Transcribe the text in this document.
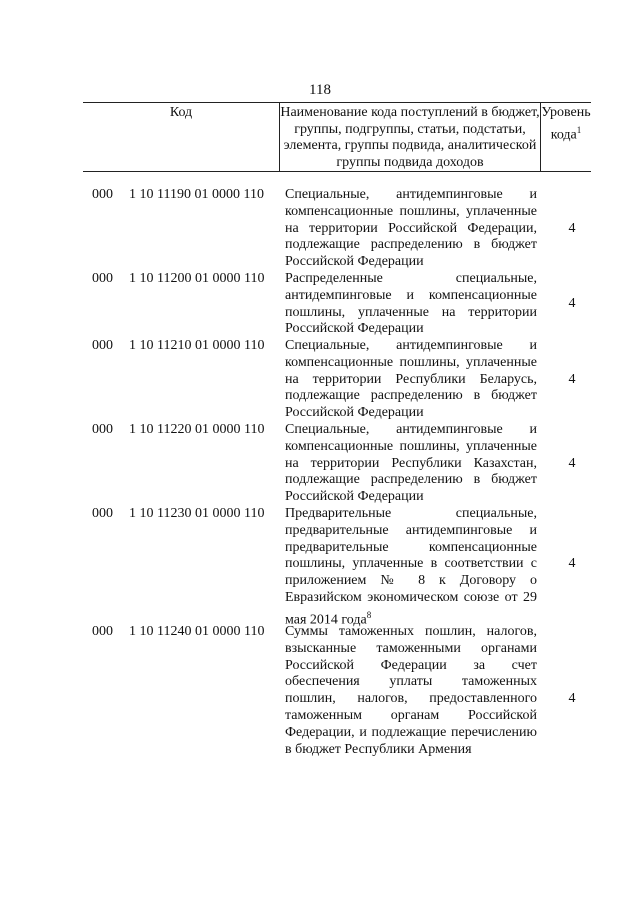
118
Код	Наименование кода поступлений в бюджет, группы, подгруппы, статьи, подстатьи, элемента, группы подвида, аналитической группы подвида доходов
Уровень кода$^1$
000 1 10 11190 01 0000 110 Специальные, антидемпинговые и компенсационные пошлины, уплаченные на территории Российской Федерации, подлежащие распределению в бюджет Российской Федерации
4
000 1 10 11200 01 0000 110 Распределенные специальные, антидемпинговые и компенсационные пошлины, уплаченные на территории Российской Федерации
4
000 1 10 11210 01 0000 110 Специальные, антидемпинговые и компенсационные пошлины, уплаченные на территории Республики Беларусь, подлежащие распределению в бюджет Российской Федерации
4
000 1 10 11220 01 0000 110 Специальные, антидемпинговые и компенсационные пошлины, уплаченные на территории Республики Казахстан, подлежащие распределению в бюджет Российской Федерации
4
000 1 10 11230 01 0000 110 Предварительные специальные, предварительные антидемпинговые и предварительные компенсационные пошлины, уплаченные в соответствии с приложением № 8 к Договору о Евразийском экономическом союзе от 29 мая 2014 года$^8$
4
000 1 10 11240 01 0000 110 Суммы таможенных пошлин, налогов, взысканные таможенными органами Российской Федерации за счет обеспечения уплаты таможенных пошлин, налогов, предоставленного таможенным органам Российской Федерации, и подлежащие перечислению в бюджет Республики Армения
4
